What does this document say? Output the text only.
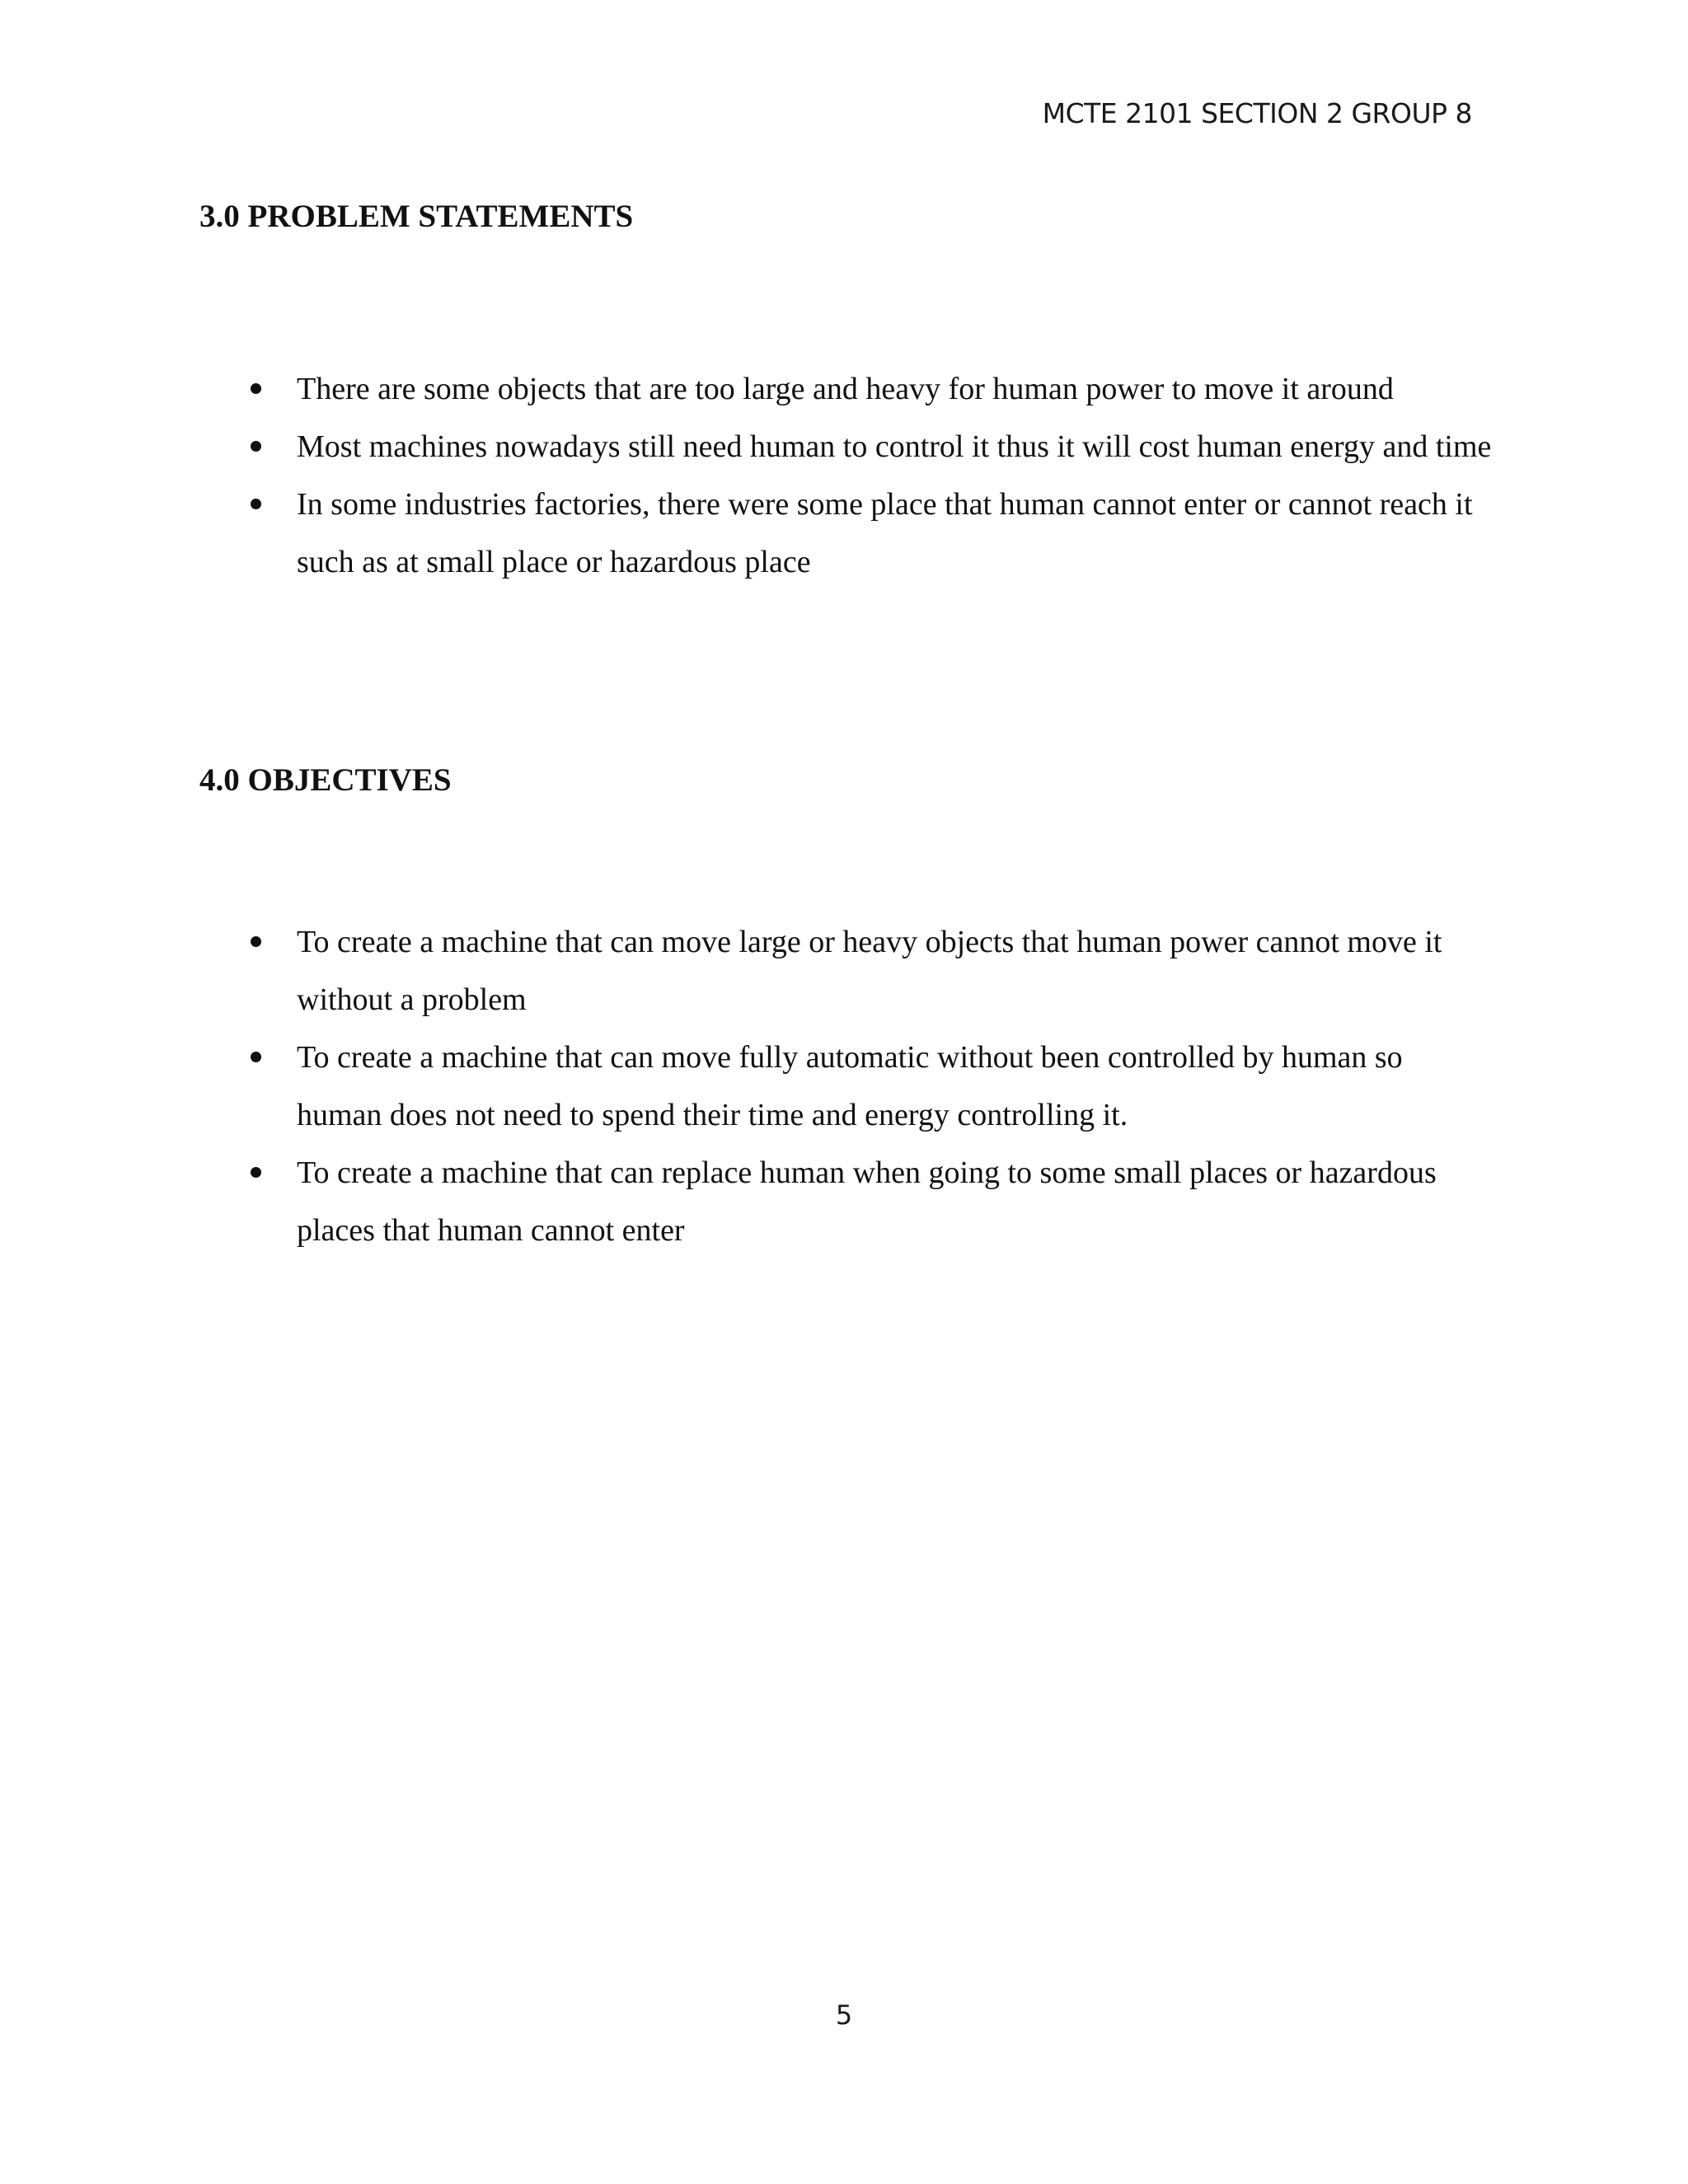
MCTE 2101 SECTION 2 GROUP 8
3.0 PROBLEM STATEMENTS
There are some objects that are too large and heavy for human power to move it around
Most machines nowadays still need human to control it thus it will cost human energy and time
In some industries factories, there were some place that human cannot enter or cannot reach it such as at small place or hazardous place
4.0 OBJECTIVES
To create a machine that can move large or heavy objects that human power cannot move it without a problem
To create a machine that can move fully automatic without been controlled by human so human does not need to spend their time and energy controlling it.
To create a machine that can replace human when going to some small places or hazardous places that human cannot enter
5
